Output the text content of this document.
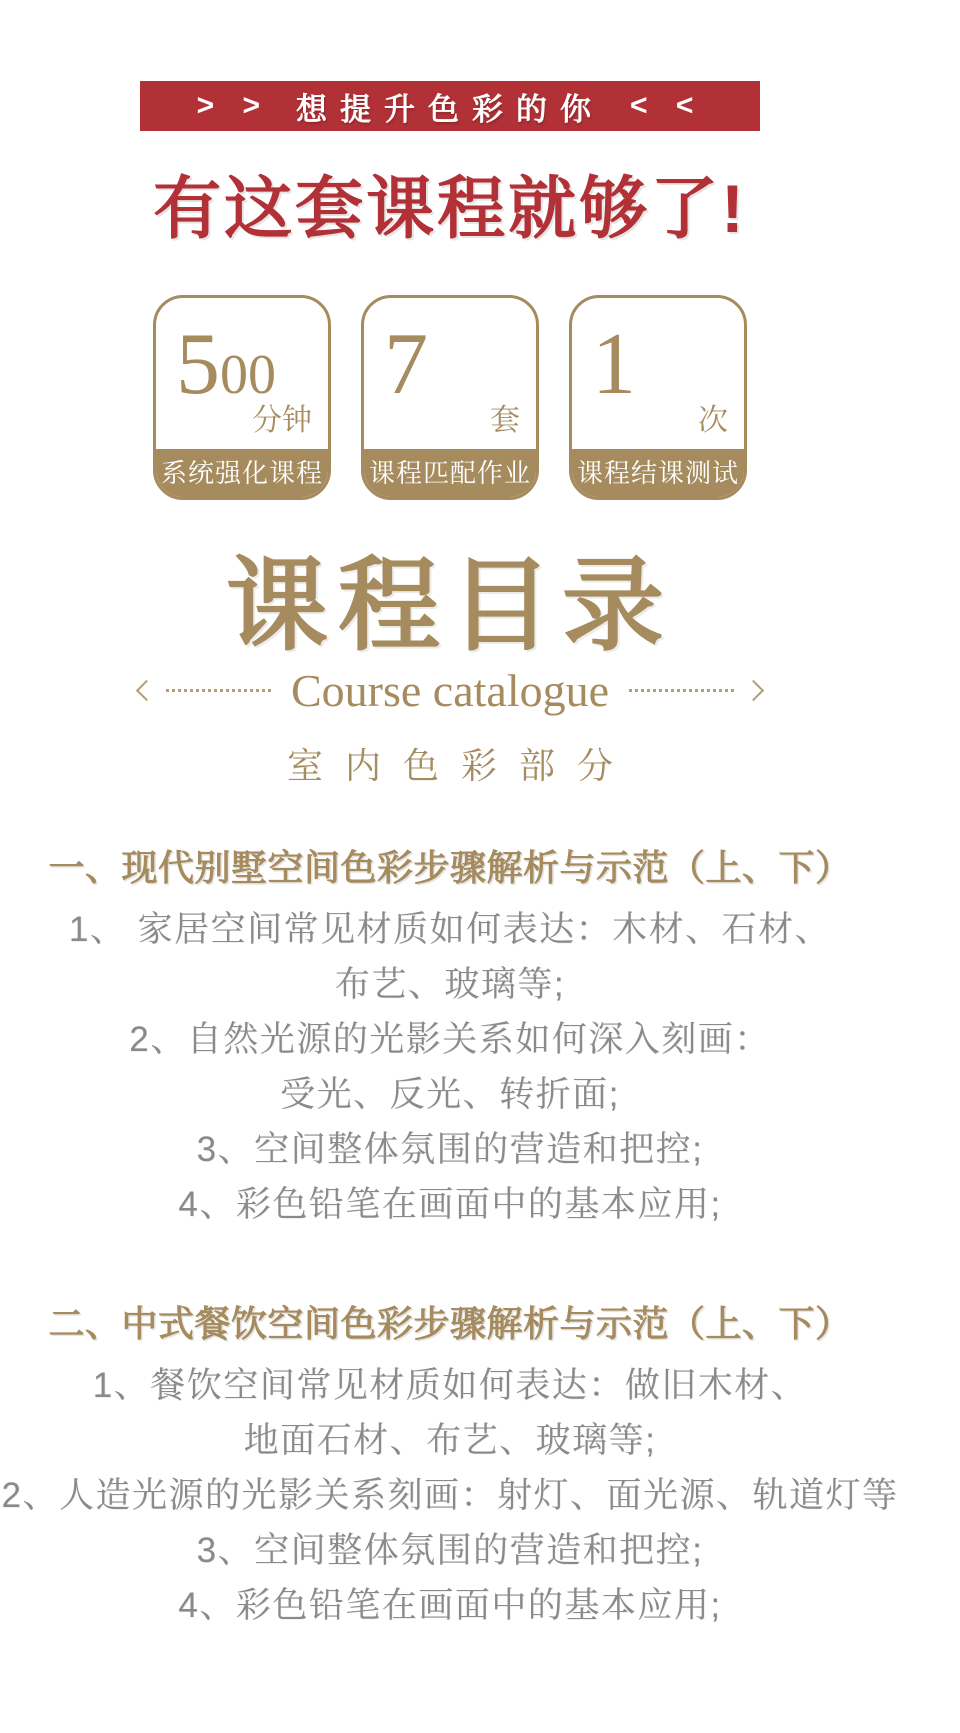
> > 想提升色彩的你 < <
有这套课程就够了!
500
分钟
系统强化课程
7
套
课程匹配作业
1
次
课程结课测试
课程目录
Course catalogue
室内色彩部分
一、现代别墅空间色彩步骤解析与示范（上、下）
1、 家居空间常见材质如何表达：木材、石材、
布艺、玻璃等;
2、自然光源的光影关系如何深入刻画：
受光、反光、转折面;
3、空间整体氛围的营造和把控;
4、彩色铅笔在画面中的基本应用;
二、中式餐饮空间色彩步骤解析与示范（上、下）
1、餐饮空间常见材质如何表达：做旧木材、
地面石材、布艺、玻璃等;
2、人造光源的光影关系刻画：射灯、面光源、轨道灯等
3、空间整体氛围的营造和把控;
4、彩色铅笔在画面中的基本应用;
